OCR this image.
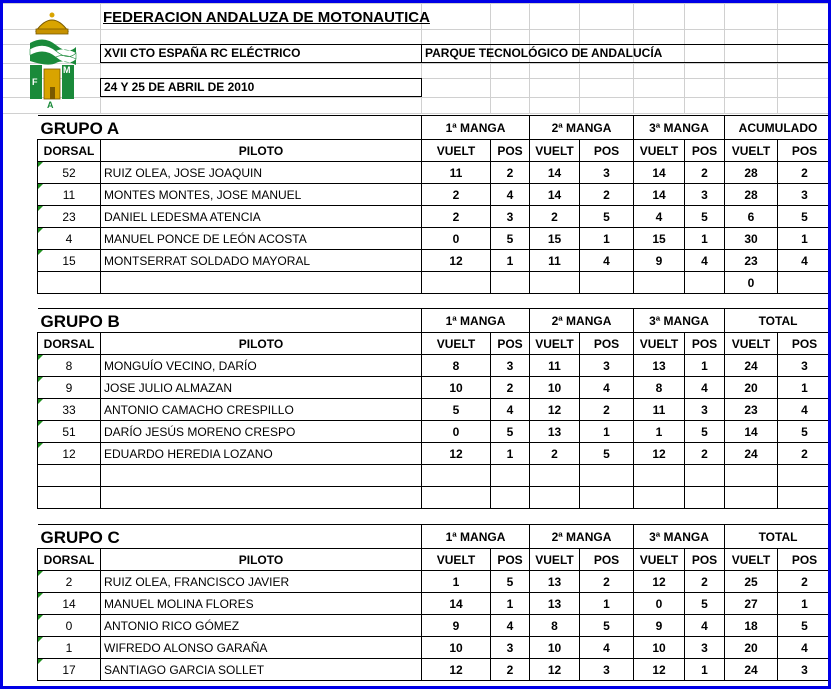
F
M
A
FEDERACION ANDALUZA DE MOTONAUTICA
XVII CTO ESPAÑA RC ELÉCTRICO	PARQUE TECNOLÓGICO DE ANDALUCÍA
24 Y 25 DE ABRIL DE 2010
GRUPO A		1ª MANGA		2ª MANGA		3ª MANGA		ACUMULADO	
DORSAL	PILOTO	VUELT	POS	VUELT	POS	VUELT	POS	VUELT	POS
52	RUIZ OLEA, JOSE JOAQUIN	11	2	14	3	14	2	28	2
11	MONTES MONTES, JOSE MANUEL	2	4	14	2	14	3	28	3
23	DANIEL LEDESMA ATENCIA	2	3	2	5	4	5	6	5
4	MANUEL PONCE DE LEÓN ACOSTA	0	5	15	1	15	1	30	1
15	MONTSERRAT SOLDADO MAYORAL	12	1	11	4	9	4	23	4
								0	
GRUPO B		1ª MANGA		2ª MANGA		3ª MANGA		TOTAL	
DORSAL	PILOTO	VUELT	POS	VUELT	POS	VUELT	POS	VUELT	POS
8	MONGUÍO VECINO, DARÍO	8	3	11	3	13	1	24	3
9	JOSE JULIO ALMAZAN	10	2	10	4	8	4	20	1
33	ANTONIO CAMACHO CRESPILLO	5	4	12	2	11	3	23	4
51	DARÍO JESÚS MORENO CRESPO	0	5	13	1	1	5	14	5
12	EDUARDO HEREDIA LOZANO	12	1	2	5	12	2	24	2

GRUPO C		1ª MANGA		2ª MANGA		3ª MANGA		TOTAL	
DORSAL	PILOTO	VUELT	POS	VUELT	POS	VUELT	POS	VUELT	POS
2	RUIZ OLEA, FRANCISCO JAVIER	1	5	13	2	12	2	25	2
14	MANUEL MOLINA FLORES	14	1	13	1	0	5	27	1
0	ANTONIO RICO GÓMEZ	9	4	8	5	9	4	18	5
1	WIFREDO ALONSO GARAÑA	10	3	10	4	10	3	20	4
17	SANTIAGO GARCIA SOLLET	12	2	12	3	12	1	24	3
